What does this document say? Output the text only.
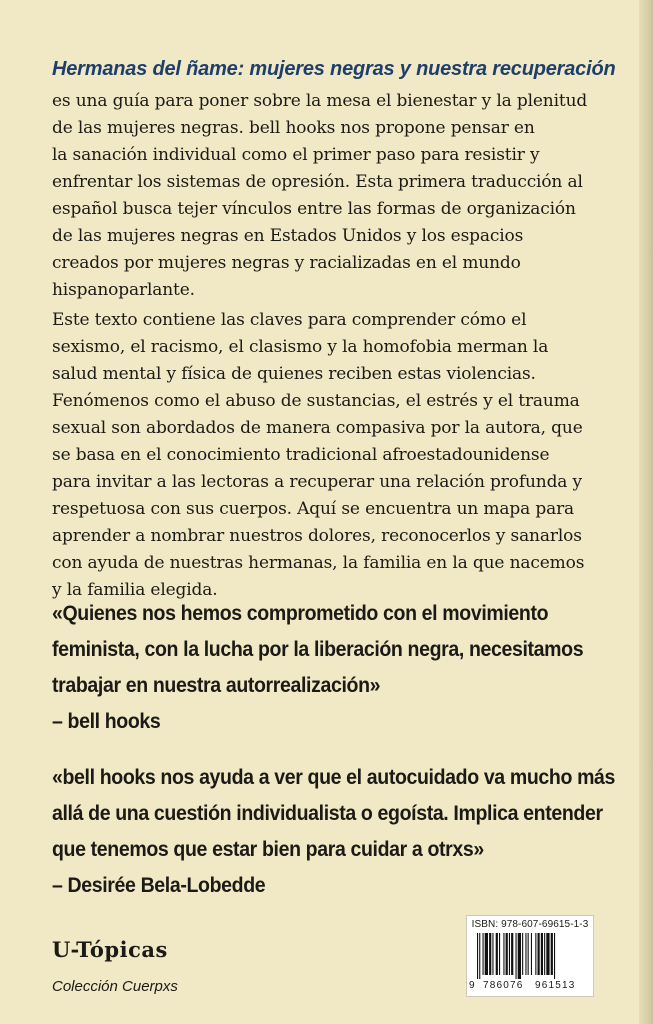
Hermanas del ñame: mujeres negras y nuestra recuperación
es una guía para poner sobre la mesa el bienestar y la plenitud
de las mujeres negras. bell hooks nos propone pensar en
la sanación individual como el primer paso para resistir y
enfrentar los sistemas de opresión. Esta primera traducción al
español busca tejer vínculos entre las formas de organización
de las mujeres negras en Estados Unidos y los espacios
creados por mujeres negras y racializadas en el mundo
hispanoparlante.
Este texto contiene las claves para comprender cómo el
sexismo, el racismo, el clasismo y la homofobia merman la
salud mental y física de quienes reciben estas violencias.
Fenómenos como el abuso de sustancias, el estrés y el trauma
sexual son abordados de manera compasiva por la autora, que
se basa en el conocimiento tradicional afroestadounidense
para invitar a las lectoras a recuperar una relación profunda y
respetuosa con sus cuerpos. Aquí se encuentra un mapa para
aprender a nombrar nuestros dolores, reconocerlos y sanarlos
con ayuda de nuestras hermanas, la familia en la que nacemos
y la familia elegida.
«Quienes nos hemos comprometido con el movimiento
feminista, con la lucha por la liberación negra, necesitamos
trabajar en nuestra autorrealización»
– bell hooks
«bell hooks nos ayuda a ver que el autocuidado va mucho más
allá de una cuestión individualista o egoísta. Implica entender
que tenemos que estar bien para cuidar a otrxs»
– Desirée Bela-Lobedde
U-Tópicas
Colección Cuerpxs
ISBN: 978-607-69615-1-3
9 786076 961513
